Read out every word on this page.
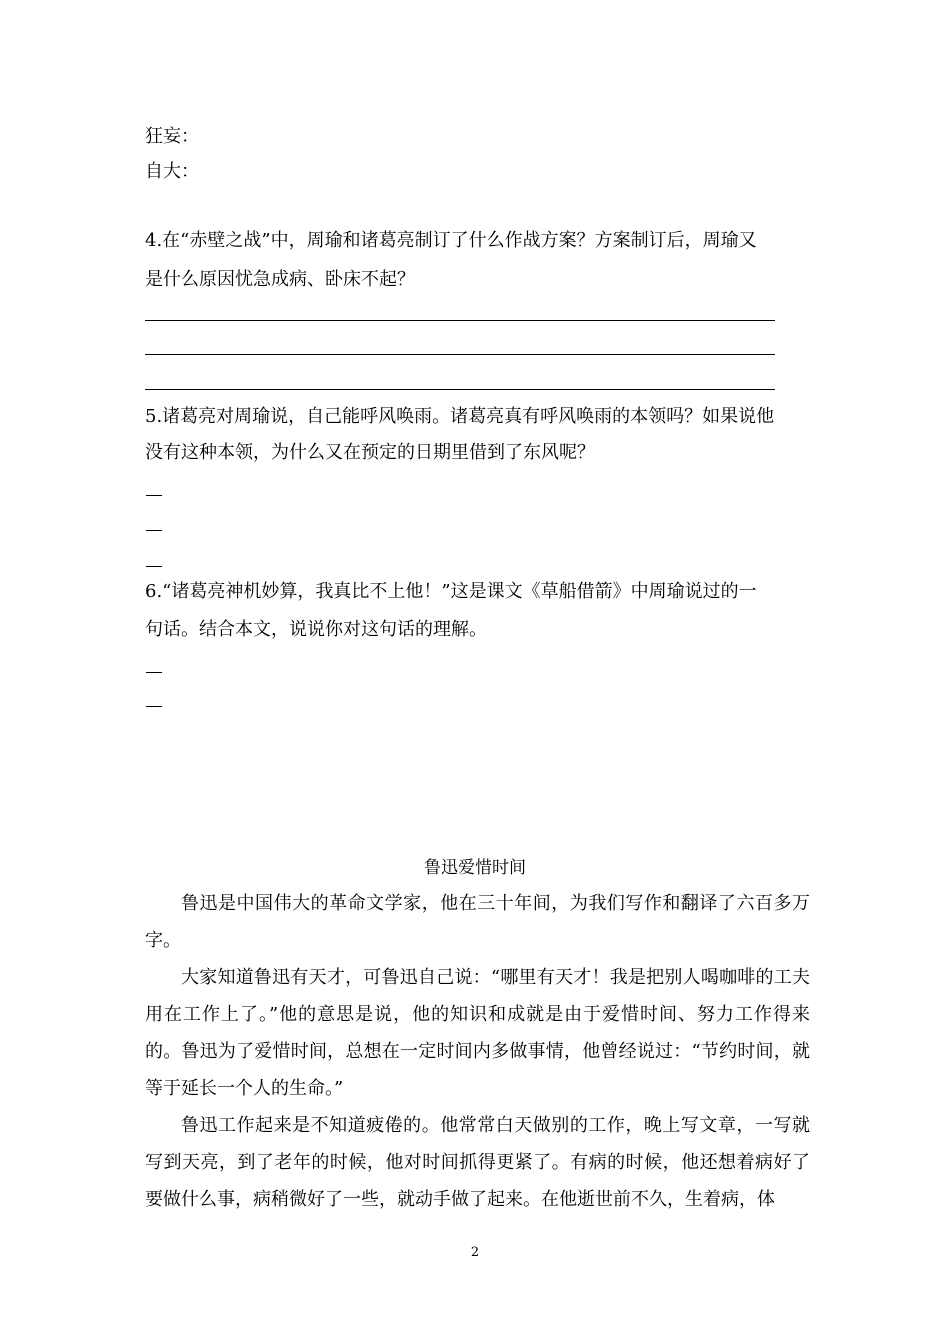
狂妄：
自大：
4.在“赤壁之战”中，周瑜和诸葛亮制订了什么作战方案？方案制订后，周瑜又
是什么原因忧急成病、卧床不起？
5.诸葛亮对周瑜说，自己能呼风唤雨。诸葛亮真有呼风唤雨的本领吗？如果说他
没有这种本领，为什么又在预定的日期里借到了东风呢？
6.“诸葛亮神机妙算，我真比不上他！”这是课文《草船借箭》中周瑜说过的一
句话。结合本文，说说你对这句话的理解。
鲁迅爱惜时间
鲁迅是中国伟大的革命文学家，他在三十年间，为我们写作和翻译了六百多万字。
大家知道鲁迅有天才，可鲁迅自己说：“哪里有天才！我是把别人喝咖啡的工夫用在工作上了。”他的意思是说，他的知识和成就是由于爱惜时间、努力工作得来的。鲁迅为了爱惜时间，总想在一定时间内多做事情，他曾经说过：“节约时间，就等于延长一个人的生命。”
鲁迅工作起来是不知道疲倦的。他常常白天做别的工作，晚上写文章，一写就写到天亮，到了老年的时候，他对时间抓得更紧了。有病的时候，他还想着病好了要做什么事，病稍微好了一些，就动手做了起来。在他逝世前不久，生着病，体
2
